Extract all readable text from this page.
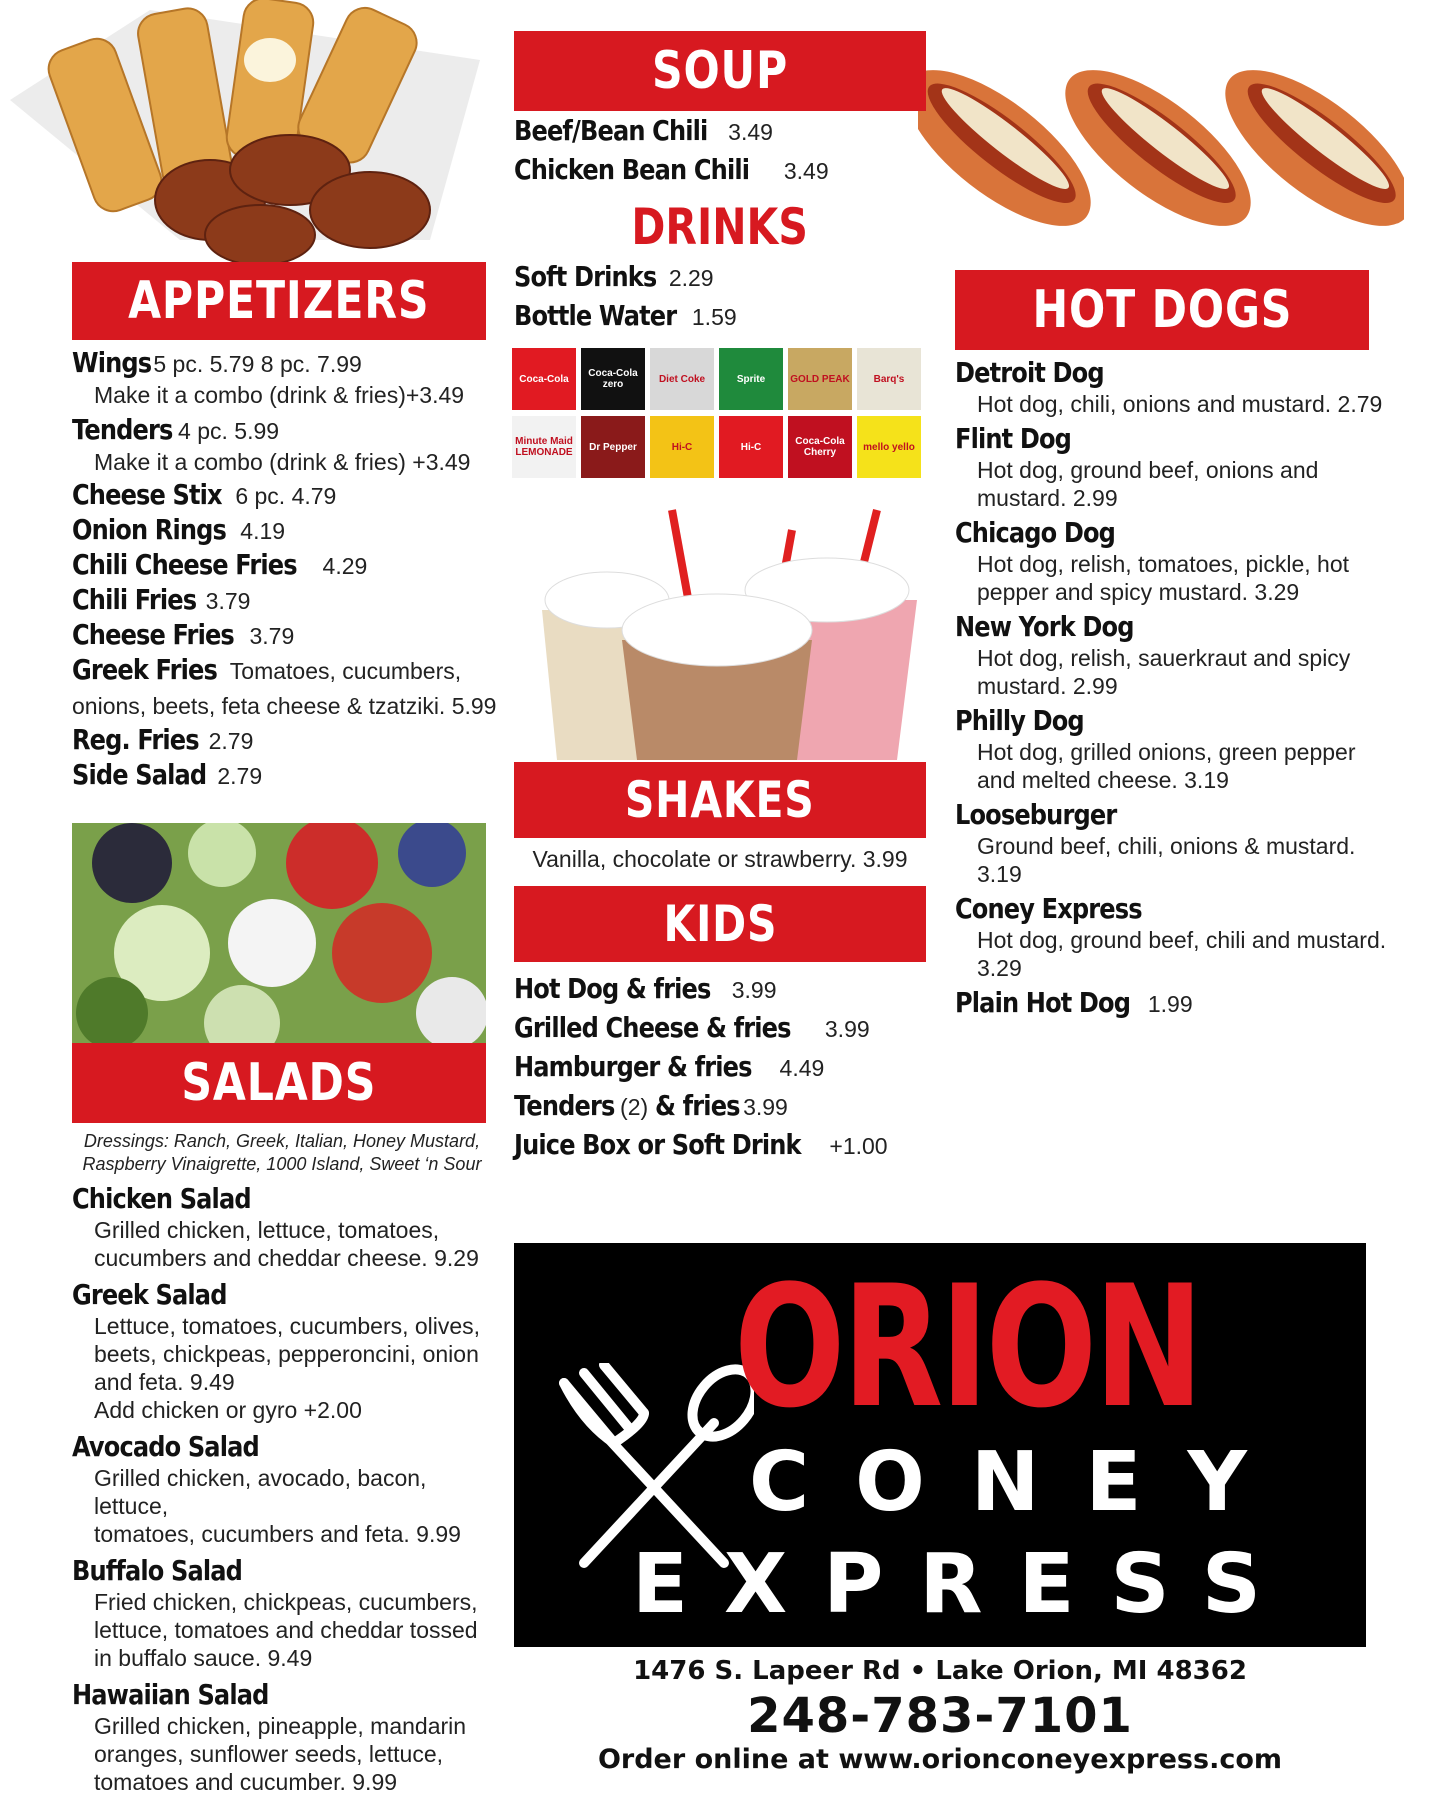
Coca-Cola	Coca-Cola zero	Diet Coke	Sprite	GOLD PEAK	Barq's
Minute Maid LEMONADE	Dr Pepper	Hi-C	Hi-C	Coca-Cola Cherry	mello yello
SOUP
Beef/Bean Chili 3.49
Chicken Bean Chili 3.49
DRINKS
Soft Drinks 2.29
Bottle Water 1.59
APPETIZERS
Wings 5 pc. 5.79 8 pc. 7.99
Make it a combo (drink & fries)+3.49
Tenders 4 pc. 5.99
Make it a combo (drink & fries) +3.49
Cheese Stix 6 pc. 4.79
Onion Rings 4.19
Chili Cheese Fries 4.29
Chili Fries 3.79
Cheese Fries 3.79
Greek Fries Tomatoes, cucumbers,
onions, beets, feta cheese & tzatziki. 5.99
Reg. Fries 2.79
Side Salad 2.79
HOT DOGS
Detroit Dog
Hot dog, chili, onions and mustard. 2.79
Flint Dog
Hot dog, ground beef, onions and
mustard. 2.99
Chicago Dog
Hot dog, relish, tomatoes, pickle, hot
pepper and spicy mustard. 3.29
New York Dog
Hot dog, relish, sauerkraut and spicy
mustard. 2.99
Philly Dog
Hot dog, grilled onions, green pepper
and melted cheese. 3.19
Looseburger
Ground beef, chili, onions & mustard.
3.19
Coney Express
Hot dog, ground beef, chili and mustard.
3.29
Plain Hot Dog 1.99
SHAKES
Vanilla, chocolate or strawberry. 3.99
KIDS
Hot Dog & fries 3.99
Grilled Cheese & fries 3.99
Hamburger & fries 4.49
Tenders (2) & fries 3.99
Juice Box or Soft Drink +1.00
SALADS
Dressings: Ranch, Greek, Italian, Honey Mustard,
Raspberry Vinaigrette, 1000 Island, Sweet ‘n Sour
Chicken Salad
Grilled chicken, lettuce, tomatoes,
cucumbers and cheddar cheese. 9.29
Greek Salad
Lettuce, tomatoes, cucumbers, olives,
beets, chickpeas, pepperoncini, onion
and feta. 9.49
Add chicken or gyro +2.00
Avocado Salad
Grilled chicken, avocado, bacon, lettuce,
tomatoes, cucumbers and feta. 9.99
Buffalo Salad
Fried chicken, chickpeas, cucumbers,
lettuce, tomatoes and cheddar tossed
in buffalo sauce. 9.49
Hawaiian Salad
Grilled chicken, pineapple, mandarin
oranges, sunflower seeds, lettuce,
tomatoes and cucumber. 9.99
ORION
CONEY
EXPRESS
1476 S. Lapeer Rd • Lake Orion, MI 48362
248-783-7101
Order online at www.orionconeyexpress.com
